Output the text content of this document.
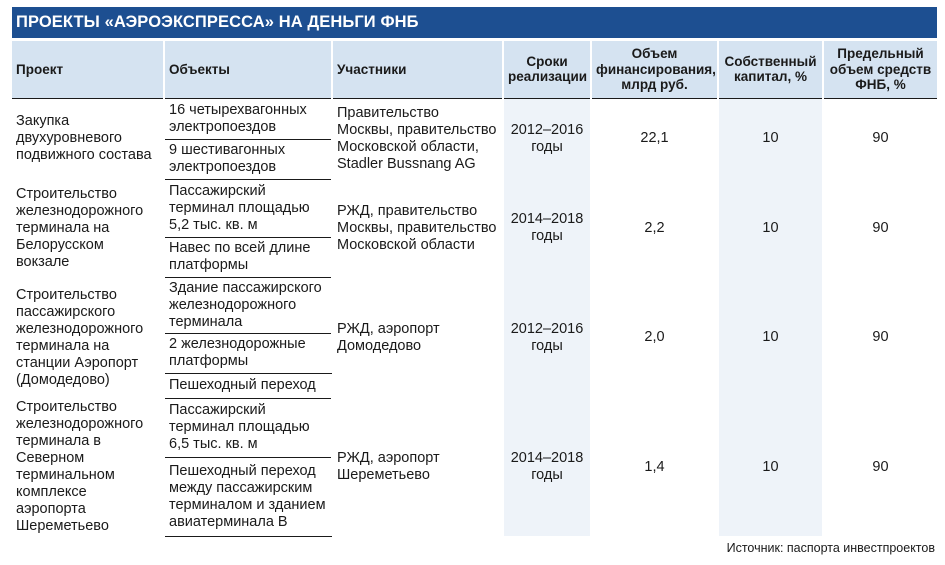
ПРОЕКТЫ «АЭРОЭКСПРЕССА» НА ДЕНЬГИ ФНБ
Проект	Объекты	Участники	Сроки реализации	Объем финансирования, млрд руб.	Собственный капитал, %	Предельный объем средств ФНБ, %
Закупка двухуровневого подвижного состава	16 четырехвагонных электропоездов	Правительство Москвы, правительство Московской области, Stadler Bussnang AG	2012–2016 годы	22,1	10	90
	9 шестивагонных электропоездов					
Строительство железнодорожного терминала на Белорусском вокзале	Пассажирский терминал площадью 5,2 тыс. кв. м	РЖД, правительство Москвы, правительство Московской области	2014–2018 годы	2,2	10	90
	Навес по всей длине платформы					
Строительство пассажирского железнодорожного терминала на станции Аэропорт (Домодедово)	Здание пассажирского железнодорожного терминала	РЖД, аэропорт Домодедово	2012–2016 годы	2,0	10	90
	2 железнодорожные платформы					
	Пешеходный переход					
Строительство железнодорожного терминала в Северном терминальном комплексе аэропорта Шереметьево	Пассажирский терминал площадью 6,5 тыс. кв. м	РЖД, аэропорт Шереметьево	2014–2018 годы	1,4	10	90
	Пешеходный переход между пассажирским терминалом и зданием авиатерминала В					
Источник: паспорта инвестпроектов
